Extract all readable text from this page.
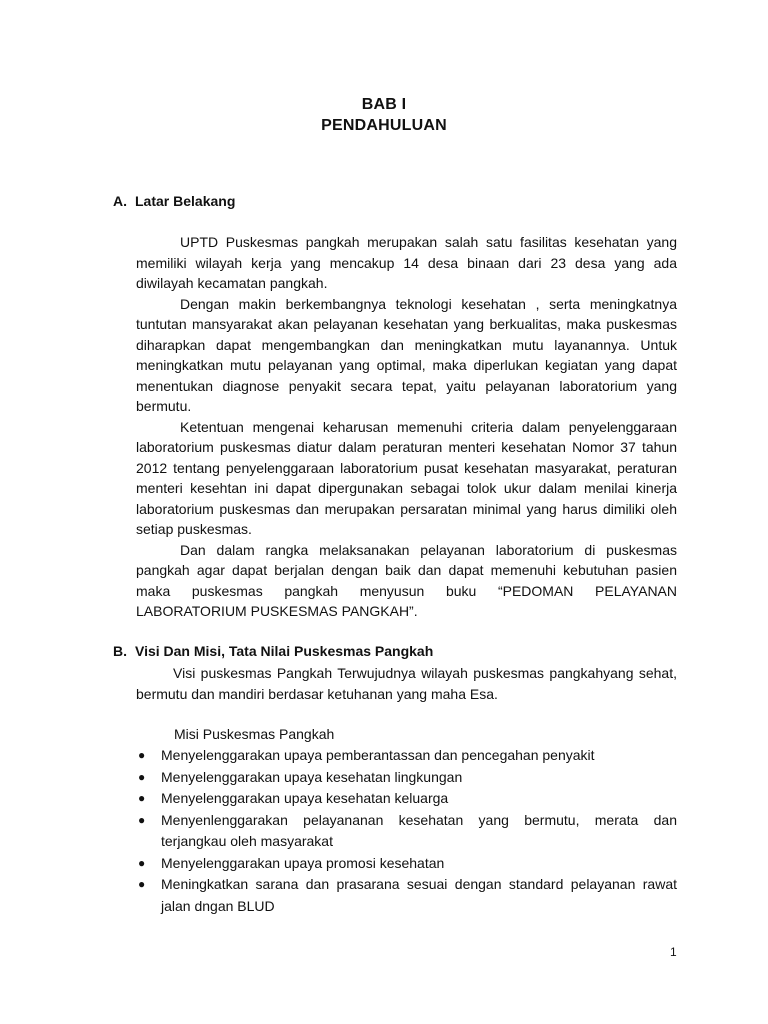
BAB I
PENDAHULUAN
A. Latar Belakang

UPTD Puskesmas pangkah merupakan salah satu fasilitas kesehatan yang memiliki wilayah kerja yang mencakup 14 desa binaan dari 23 desa yang ada diwilayah kecamatan pangkah.

Dengan makin berkembangnya teknologi kesehatan , serta meningkatnya tuntutan mansyarakat akan pelayanan kesehatan yang berkualitas, maka puskesmas diharapkan dapat mengembangkan dan meningkatkan mutu layanannya. Untuk meningkatkan mutu pelayanan yang optimal, maka diperlukan kegiatan yang dapat menentukan diagnose penyakit secara tepat, yaitu pelayanan laboratorium yang bermutu.

Ketentuan mengenai keharusan memenuhi criteria dalam penyelenggaraan laboratorium puskesmas diatur dalam peraturan menteri kesehatan Nomor 37 tahun 2012 tentang penyelenggaraan laboratorium pusat kesehatan masyarakat, peraturan menteri kesehtan ini dapat dipergunakan sebagai tolok ukur dalam menilai kinerja laboratorium puskesmas dan merupakan persaratan minimal yang harus dimiliki oleh setiap puskesmas.

Dan dalam rangka melaksanakan pelayanan laboratorium di puskesmas pangkah agar dapat berjalan dengan baik dan dapat memenuhi kebutuhan pasien maka puskesmas pangkah menyusun buku “PEDOMAN PELAYANAN LABORATORIUM PUSKESMAS PANGKAH”.

B. Visi Dan Misi, Tata Nilai Puskesmas Pangkah

Visi puskesmas Pangkah Terwujudnya wilayah puskesmas pangkahyang sehat, bermutu dan mandiri berdasar ketuhanan yang maha Esa.

Misi Puskesmas Pangkah
● Menyelenggarakan upaya pemberantassan dan pencegahan penyakit
● Menyelenggarakan upaya kesehatan lingkungan
● Menyelenggarakan upaya kesehatan keluarga
● Menyenlenggarakan pelayananan kesehatan yang bermutu, merata dan terjangkau oleh masyarakat
● Menyelenggarakan upaya promosi kesehatan
● Meningkatkan sarana dan prasarana sesuai dengan standard pelayanan rawat jalan dngan BLUD
1
